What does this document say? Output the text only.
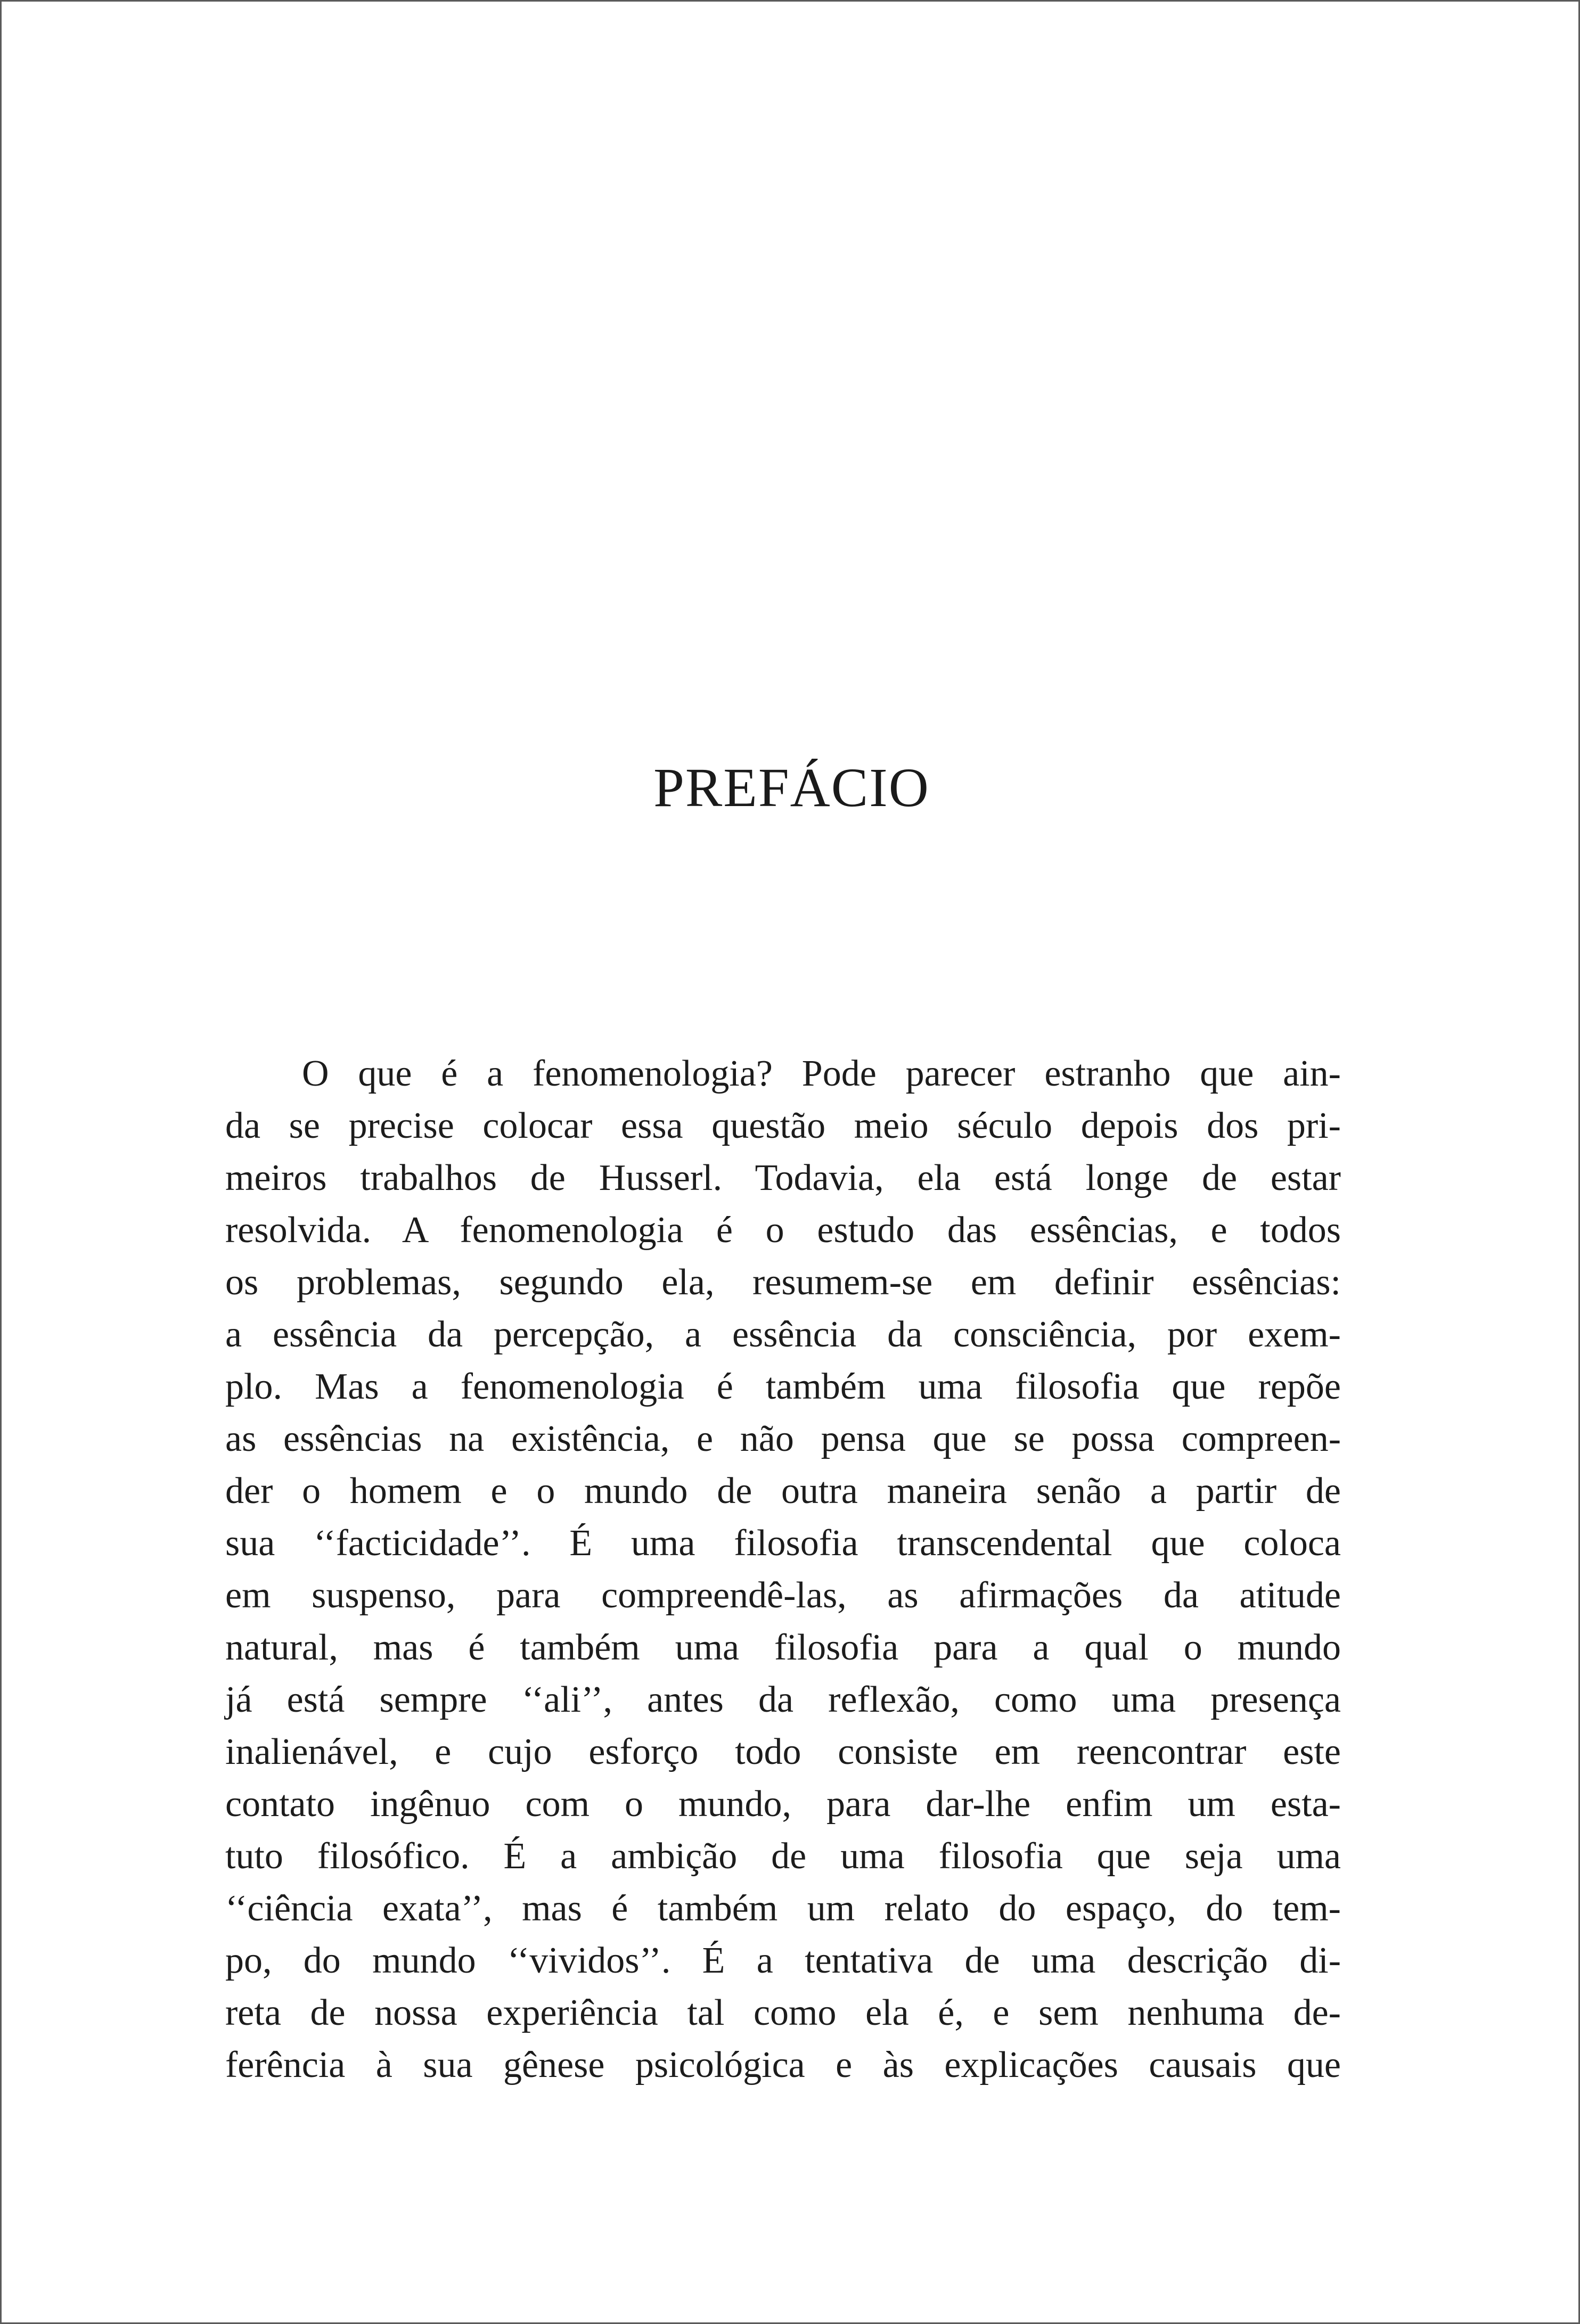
PREFÁCIO
O que é a fenomenologia? Pode parecer estranho que ain-
da se precise colocar essa questão meio século depois dos pri-
meiros trabalhos de Husserl. Todavia, ela está longe de estar
resolvida. A fenomenologia é o estudo das essências, e todos
os problemas, segundo ela, resumem-se em definir essências:
a essência da percepção, a essência da consciência, por exem-
plo. Mas a fenomenologia é também uma filosofia que repõe
as essências na existência, e não pensa que se possa compreen-
der o homem e o mundo de outra maneira senão a partir de
sua ‘‘facticidade’’. É uma filosofia transcendental que coloca
em suspenso, para compreendê-las, as afirmações da atitude
natural, mas é também uma filosofia para a qual o mundo
já está sempre ‘‘ali’’, antes da reflexão, como uma presença
inalienável, e cujo esforço todo consiste em reencontrar este
contato ingênuo com o mundo, para dar-lhe enfim um esta-
tuto filosófico. É a ambição de uma filosofia que seja uma
‘‘ciência exata’’, mas é também um relato do espaço, do tem-
po, do mundo ‘‘vividos’’. É a tentativa de uma descrição di-
reta de nossa experiência tal como ela é, e sem nenhuma de-
ferência à sua gênese psicológica e às explicações causais que
